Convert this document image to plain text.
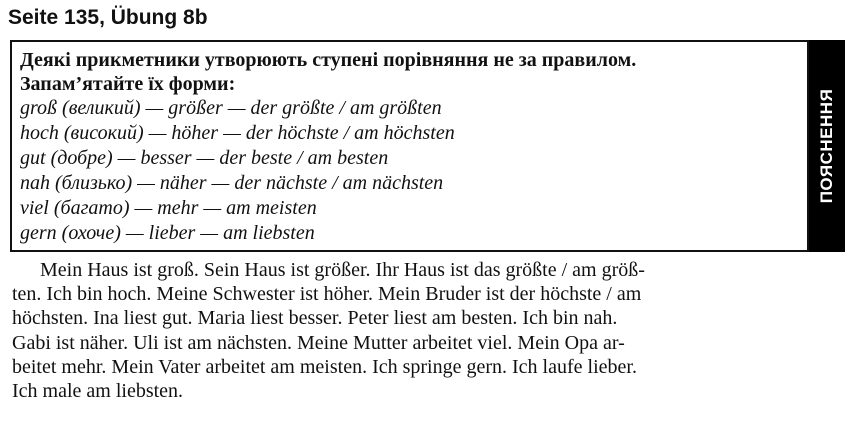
Seite 135, Übung 8b
Деякі прикметники утворюють ступені порівняння не за правилом.
Запам’ятайте їх форми:
groß (великий) — größer — der größte / am größten
hoch (високий) — höher — der höchste / am höchsten
gut (добре) — besser — der beste / am besten
nah (близько) — näher — der nächste / am nächsten
viel (багато) — mehr — am meisten
gern (охоче) — lieber — am liebsten
ПОЯСНЕННЯ
Mein Haus ist groß. Sein Haus ist größer. Ihr Haus ist das größte / am größ-
ten. Ich bin hoch. Meine Schwester ist höher. Mein Bruder ist der höchste / am
höchsten. Ina liest gut. Maria liest besser. Peter liest am besten. Ich bin nah.
Gabi ist näher. Uli ist am nächsten. Meine Mutter arbeitet viel. Mein Opa ar-
beitet mehr. Mein Vater arbeitet am meisten. Ich springe gern. Ich laufe lieber.
Ich male am liebsten.
